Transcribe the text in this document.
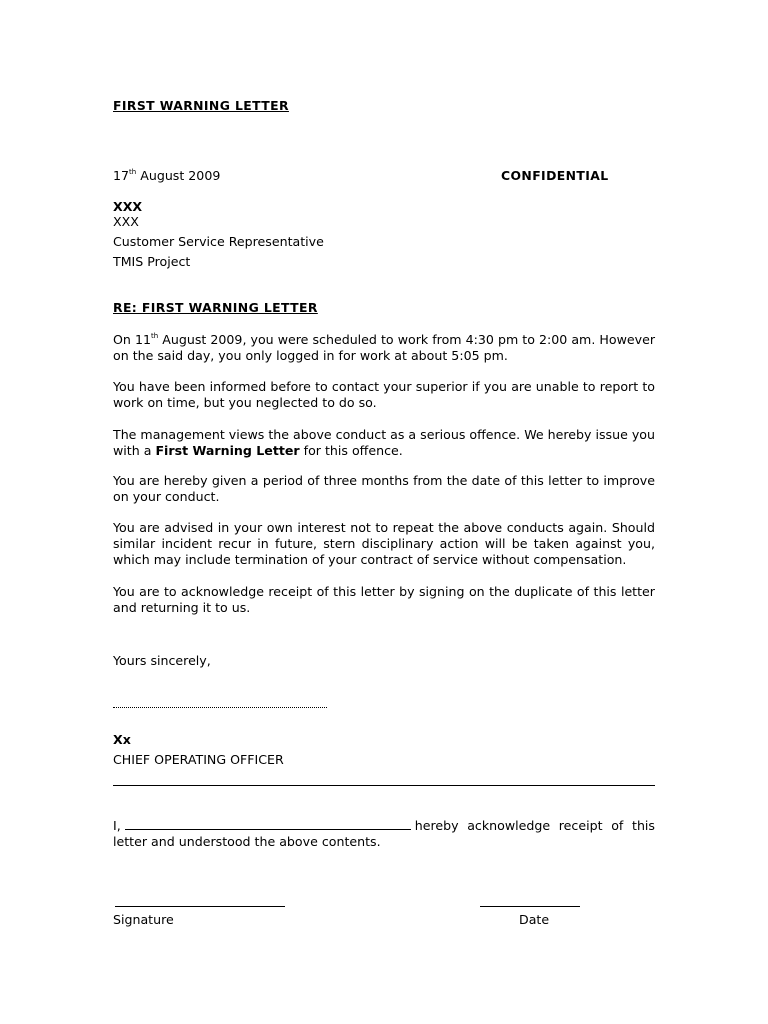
FIRST WARNING LETTER
17th August 2009	CONFIDENTIAL
XXX
XXX
Customer Service Representative
TMIS Project
RE: FIRST WARNING LETTER
On 11th August 2009, you were scheduled to work from 4:30 pm to 2:00 am. However on the said day, you only logged in for work at about 5:05 pm.
You have been informed before to contact your superior if you are unable to report to work on time, but you neglected to do so.
The management views the above conduct as a serious offence. We hereby issue you with a First Warning Letter for this offence.
You are hereby given a period of three months from the date of this letter to improve on your conduct.
You are advised in your own interest not to repeat the above conducts again. Should similar incident recur in future, stern disciplinary action will be taken against you, which may include termination of your contract of service without compensation.
You are to acknowledge receipt of this letter by signing on the duplicate of this letter and returning it to us.
Yours sincerely,
Xx
CHIEF OPERATING OFFICER
I,	hereby acknowledge receipt of this letter and understood the above contents.
Signature	Date
